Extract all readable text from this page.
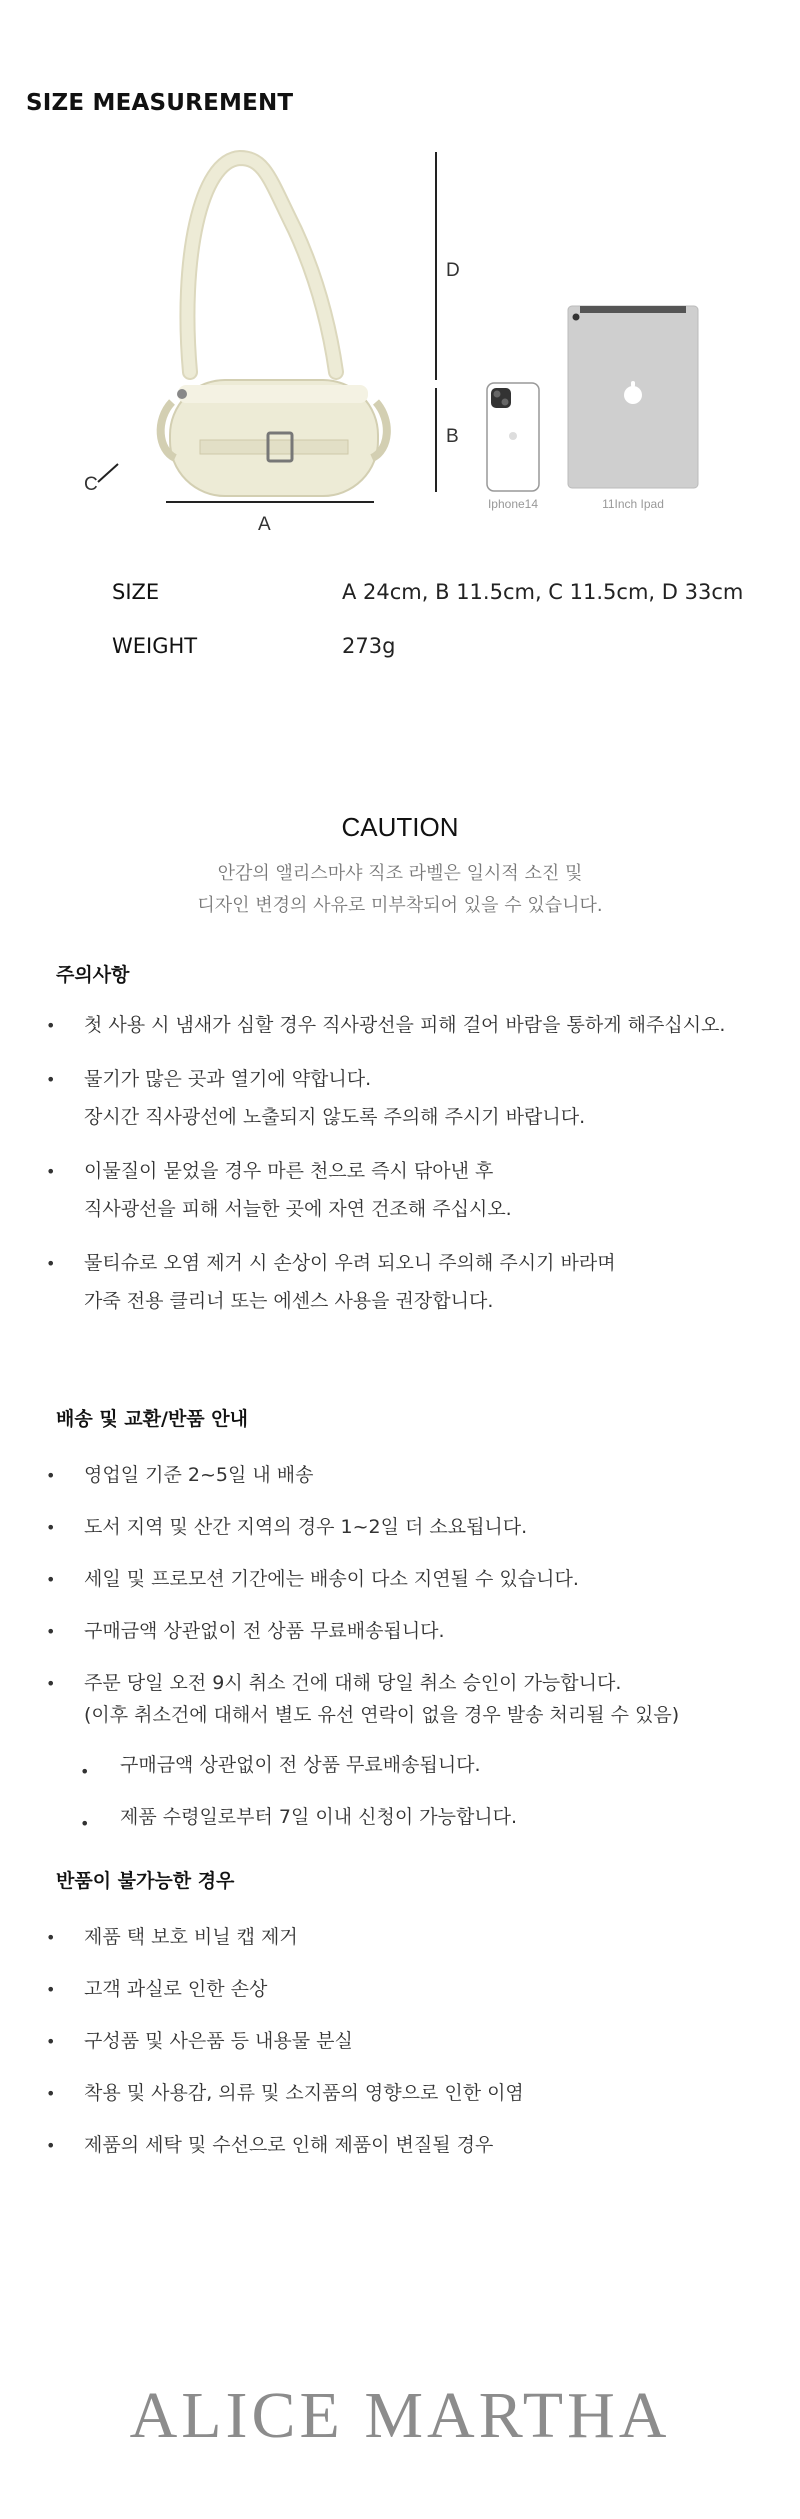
SIZE MEASUREMENT
A
C
D
B
Iphone14	11Inch Ipad
SIZE	A 24cm, B 11.5cm, C 11.5cm, D 33cm
WEIGHT	273g
CAUTION
안감의 앨리스마샤 직조 라벨은 일시적 소진 및
디자인 변경의 사유로 미부착되어 있을 수 있습니다.
주의사항
• 첫 사용 시 냄새가 심할 경우 직사광선을 피해 걸어 바람을 통하게 해주십시오.
• 물기가 많은 곳과 열기에 약합니다.
장시간 직사광선에 노출되지 않도록 주의해 주시기 바랍니다.
• 이물질이 묻었을 경우 마른 천으로 즉시 닦아낸 후
직사광선을 피해 서늘한 곳에 자연 건조해 주십시오.
• 물티슈로 오염 제거 시 손상이 우려 되오니 주의해 주시기 바라며
가죽 전용 클리너 또는 에센스 사용을 권장합니다.
배송 및 교환/반품 안내
• 영업일 기준 2~5일 내 배송
• 도서 지역 및 산간 지역의 경우 1~2일 더 소요됩니다.
• 세일 및 프로모션 기간에는 배송이 다소 지연될 수 있습니다.
• 구매금액 상관없이 전 상품 무료배송됩니다.
• 주문 당일 오전 9시 취소 건에 대해 당일 취소 승인이 가능합니다.
(이후 취소건에 대해서 별도 유선 연락이 없을 경우 발송 처리될 수 있음)
• 구매금액 상관없이 전 상품 무료배송됩니다.
• 제품 수령일로부터 7일 이내 신청이 가능합니다.
반품이 불가능한 경우
• 제품 택 보호 비닐 캡 제거
• 고객 과실로 인한 손상
• 구성품 및 사은품 등 내용물 분실
• 착용 및 사용감, 의류 및 소지품의 영향으로 인한 이염
• 제품의 세탁 및 수선으로 인해 제품이 변질될 경우
ALICE MARTHA
